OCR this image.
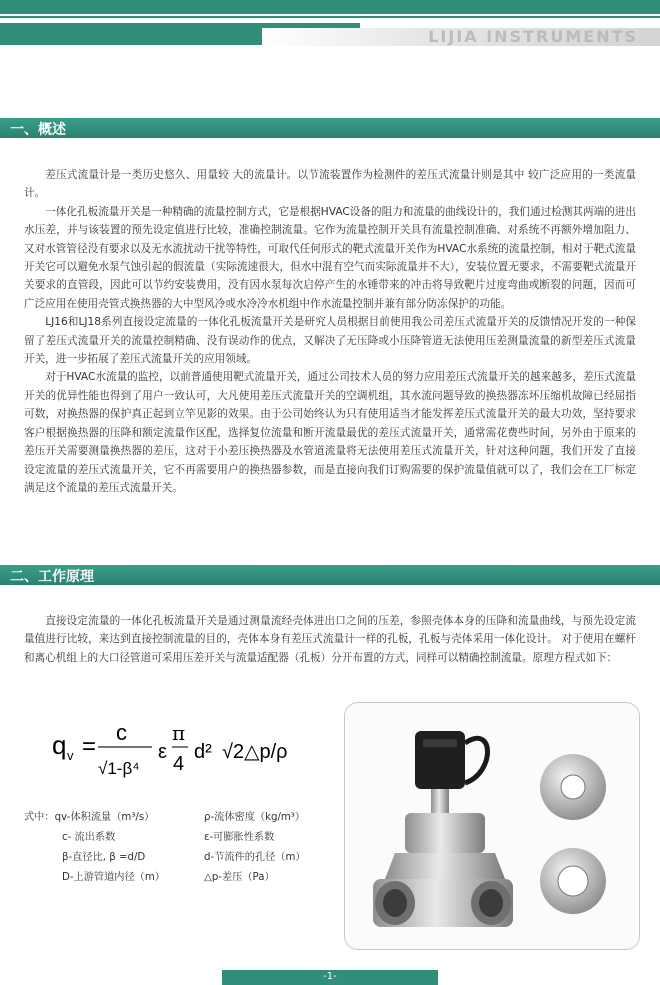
LIJIA INSTRUMENTS
一、概述

差压式流量计是一类历史悠久、用量较 大的流量计。以节流装置作为检测件的差压式流量计则是其中 较广泛应用的一类流量计。

一体化孔板流量开关是一种精确的流量控制方式，它是根据HVAC设备的阻力和流量的曲线设计的，我们通过检测其两端的进出水压差，并与该装置的预先设定值进行比较，准确控制流量。它作为流量控制开关具有流量控制准确、对系统不再额外增加阻力、又对水管管径没有要求以及无水流扰动干扰等特性，可取代任何形式的靶式流量开关作为HVAC水系统的流量控制，相对于靶式流量开关它可以避免水泵气蚀引起的假流量（实际流速很大，但水中混有空气而实际流量并不大），安装位置无要求，不需要靶式流量开关要求的直管段，因此可以节约安装费用，没有因水泵每次启停产生的水锤带来的冲击将导致靶片过度弯曲或断裂的问题，因而可广泛应用在使用壳管式换热器的大中型风冷或水冷冷水机组中作水流量控制并兼有部分防冻保护的功能。

LJ16和LJ18系列直接设定流量的一体化孔板流量开关是研究人员根据目前使用我公司差压式流量开关的反馈情况开发的一种保留了差压式流量开关的流量控制精确、没有误动作的优点，又解决了无压降或小压降管道无法使用压差测量流量的新型差压式流量开关，进一步拓展了差压式流量开关的应用领域。

对于HVAC水流量的监控，以前普通使用靶式流量开关，通过公司技术人员的努力应用差压式流量开关的越来越多，差压式流量开关的优异性能也得到了用户一致认可，大凡使用差压式流量开关的空调机组，其水流问题导致的换热器冻坏压缩机故障已经屈指可数，对换热器的保护真正起到立竿见影的效果。由于公司始终认为只有使用适当才能发挥差压式流量开关的最大功效，坚持要求客户根据换热器的压降和额定流量作区配，选择复位流量和断开流量最优的差压式流量开关，通常需花费些时间，另外由于原来的差压开关需要测量换热器的差压，这对于小差压换热器及水管道流量将无法使用差压式流量开关，针对这种问题，我们开发了直接设定流量的差压式流量开关，它不再需要用户的换热器参数，而是直接向我们订购需要的保护流量值就可以了，我们会在工厂标定满足这个流量的差压式流量开关。

二、工作原理

直接设定流量的一体化孔板流量开关是通过测量流经壳体进出口之间的压差，参照壳体本身的压降和流量曲线，与预先设定流量值进行比较，来达到直接控制流量的目的，壳体本身有差压式流量计一样的孔板，孔板与壳体采用一体化设计。 对于使用在螺杆和离心机组上的大口径管道可采用压差开关与流量适配器（孔板）分开布置的方式，同样可以精确控制流量。原理方程式如下：

q v =
c
√1-β⁴
ε
π
4
d² √2△p/ρ
式中：qv-体积流量（m³/s）	ρ-流体密度（kg/m³）
c- 流出系数	ε-可膨胀性系数
β-直径比, β =d/D	d-节流件的孔径（m）
D-上游管道内径（m）	△p-差压（Pa）
-1-
